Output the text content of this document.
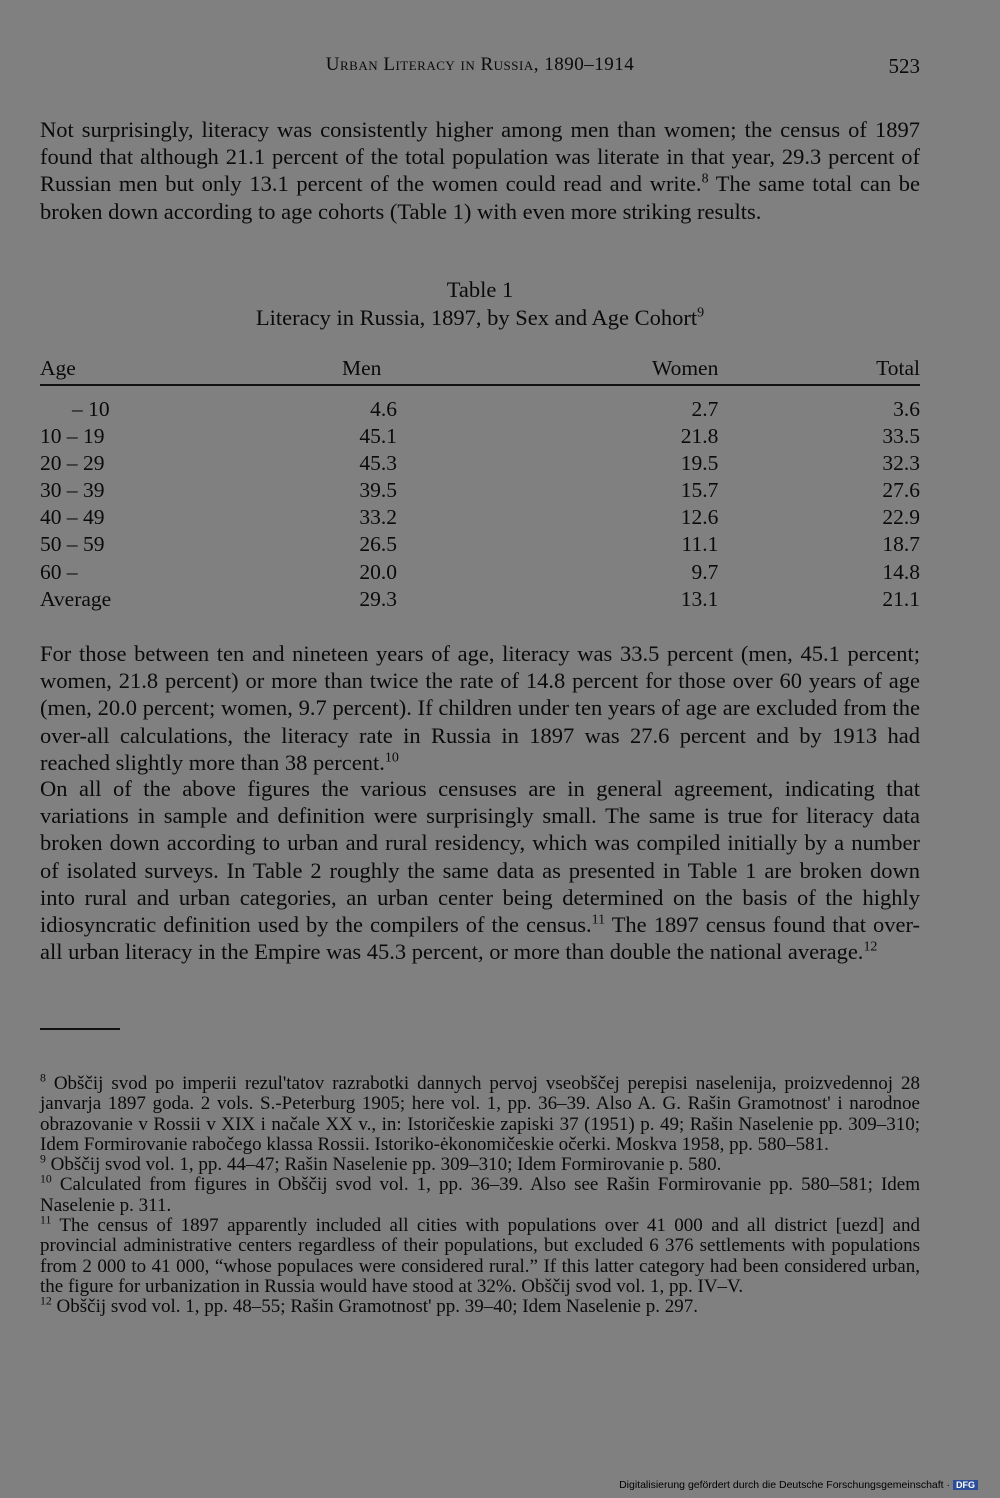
Urban Literacy in Russia, 1890–1914	523

Not surprisingly, literacy was consistently higher among men than women; the census of 1897 found that although 21.1 percent of the total population was literate in that year, 29.3 percent of Russian men but only 13.1 percent of the women could read and write.$^8$ The same total can be broken down according to age cohorts (Table 1) with even more striking results.

Table 1
Literacy in Russia, 1897, by Sex and Age Cohort$^9$
Age	Men		Women	Total
– 10	4.6		2.7	3.6
10 – 19	45.1		21.8	33.5
20 – 29	45.3		19.5	32.3
30 – 39	39.5		15.7	27.6
40 – 49	33.2		12.6	22.9
50 – 59	26.5		11.1	18.7
60 –	20.0		9.7	14.8
Average	29.3		13.1	21.1

For those between ten and nineteen years of age, literacy was 33.5 percent (men, 45.1 percent; women, 21.8 percent) or more than twice the rate of 14.8 percent for those over 60 years of age (men, 20.0 percent; women, 9.7 percent). If children under ten years of age are excluded from the over-all calculations, the literacy rate in Russia in 1897 was 27.6 percent and by 1913 had reached slightly more than 38 percent.$^{10}$

On all of the above figures the various censuses are in general agreement, indicating that variations in sample and definition were surprisingly small. The same is true for literacy data broken down according to urban and rural residency, which was compiled initially by a number of isolated surveys. In Table 2 roughly the same data as presented in Table 1 are broken down into rural and urban categories, an urban center being determined on the basis of the highly idiosyncratic definition used by the compilers of the census.$^{11}$ The 1897 census found that over-all urban literacy in the Empire was 45.3 percent, or more than double the national average.$^{12}$

$^8$ Obščij svod po imperii rezul'tatov razrabotki dannych pervoj vseobščej perepisi naselenija, proizvedennoj 28 janvarja 1897 goda. 2 vols. S.-Peterburg 1905; here vol. 1, pp. 36–39. Also A. G. Rašin Gramotnost' i narodnoe obrazovanie v Rossii v XIX i načale XX v., in: Istoričeskie zapiski 37 (1951) p. 49; Rašin Naselenie pp. 309–310; Idem Formirovanie rabočego klassa Rossii. Istoriko-ėkonomičeskie očerki. Moskva 1958, pp. 580–581.

$^9$ Obščij svod vol. 1, pp. 44–47; Rašin Naselenie pp. 309–310; Idem Formirovanie p. 580.

$^{10}$ Calculated from figures in Obščij svod vol. 1, pp. 36–39. Also see Rašin Formirovanie pp. 580–581; Idem Naselenie p. 311.

$^{11}$ The census of 1897 apparently included all cities with populations over 41 000 and all district [uezd] and provincial administrative centers regardless of their populations, but excluded 6 376 settlements with populations from 2 000 to 41 000, “whose populaces were considered rural.” If this latter category had been considered urban, the figure for urbanization in Russia would have stood at 32%. Obščij svod vol. 1, pp. IV–V.

$^{12}$ Obščij svod vol. 1, pp. 48–55; Rašin Gramotnost' pp. 39–40; Idem Naselenie p. 297.

Digitalisierung gefördert durch die Deutsche Forschungsgemeinschaft · DFG
